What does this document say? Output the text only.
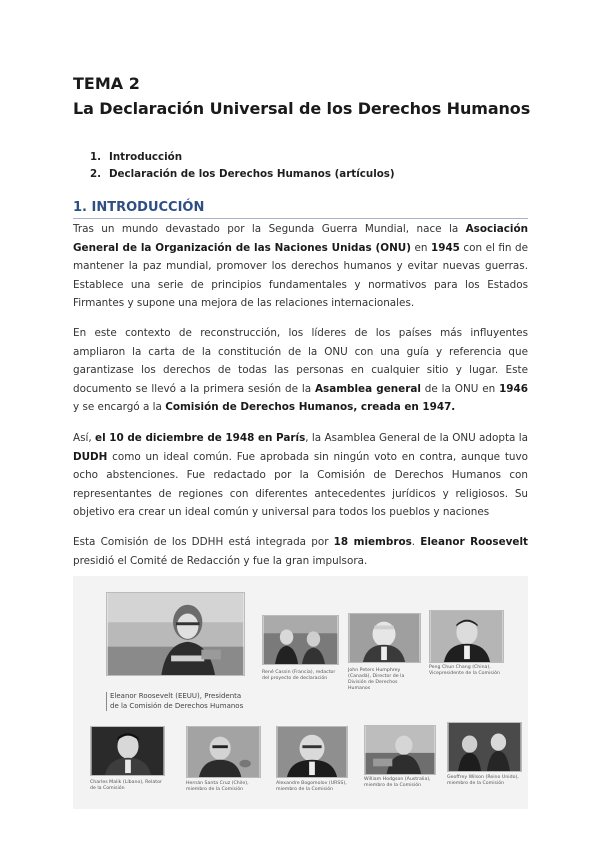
TEMA 2
La Declaración Universal de los Derechos Humanos
1. Introducción
2. Declaración de los Derechos Humanos (artículos)
1. INTRODUCCIÓN

Tras un mundo devastado por la Segunda Guerra Mundial, nace la Asociación General de la Organización de las Naciones Unidas (ONU) en 1945 con el fin de mantener la paz mundial, promover los derechos humanos y evitar nuevas guerras. Establece una serie de principios fundamentales y normativos para los Estados Firmantes y supone una mejora de las relaciones internacionales.

En este contexto de reconstrucción, los líderes de los países más influyentes ampliaron la carta de la constitución de la ONU con una guía y referencia que garantizase los derechos de todas las personas en cualquier sitio y lugar. Este documento se llevó a la primera sesión de la Asamblea general de la ONU en 1946 y se encargó a la Comisión de Derechos Humanos, creada en 1947.

Así, el 10 de diciembre de 1948 en París, la Asamblea General de la ONU adopta la DUDH como un ideal común. Fue aprobada sin ningún voto en contra, aunque tuvo ocho abstenciones. Fue redactado por la Comisión de Derechos Humanos con representantes de regiones con diferentes antecedentes jurídicos y religiosos. Su objetivo era crear un ideal común y universal para todos los pueblos y naciones

Esta Comisión de los DDHH está integrada por 18 miembros. Eleanor Roosevelt presidió el Comité de Redacción y fue la gran impulsora.

Eleanor Roosevelt (EEUU), Presidenta de la Comisión de Derechos Humanos
René Cassin (Francia), redactor del proyecto de declaración
John Peters Humphrey (Canadá), Director de la División de Derechos Humanos
Peng Chun Chang (China), Vicepresidente de la Comisión
Charles Malik (Líbano), Relator de la Comisión
Hernán Santa Cruz (Chile), miembro de la Comisión
Alexandre Bogomolov (URSS), miembro de la Comisión
William Hodgson (Australia), miembro de la Comisión
Geoffrey Wilson (Reino Unido), miembro de la Comisión
